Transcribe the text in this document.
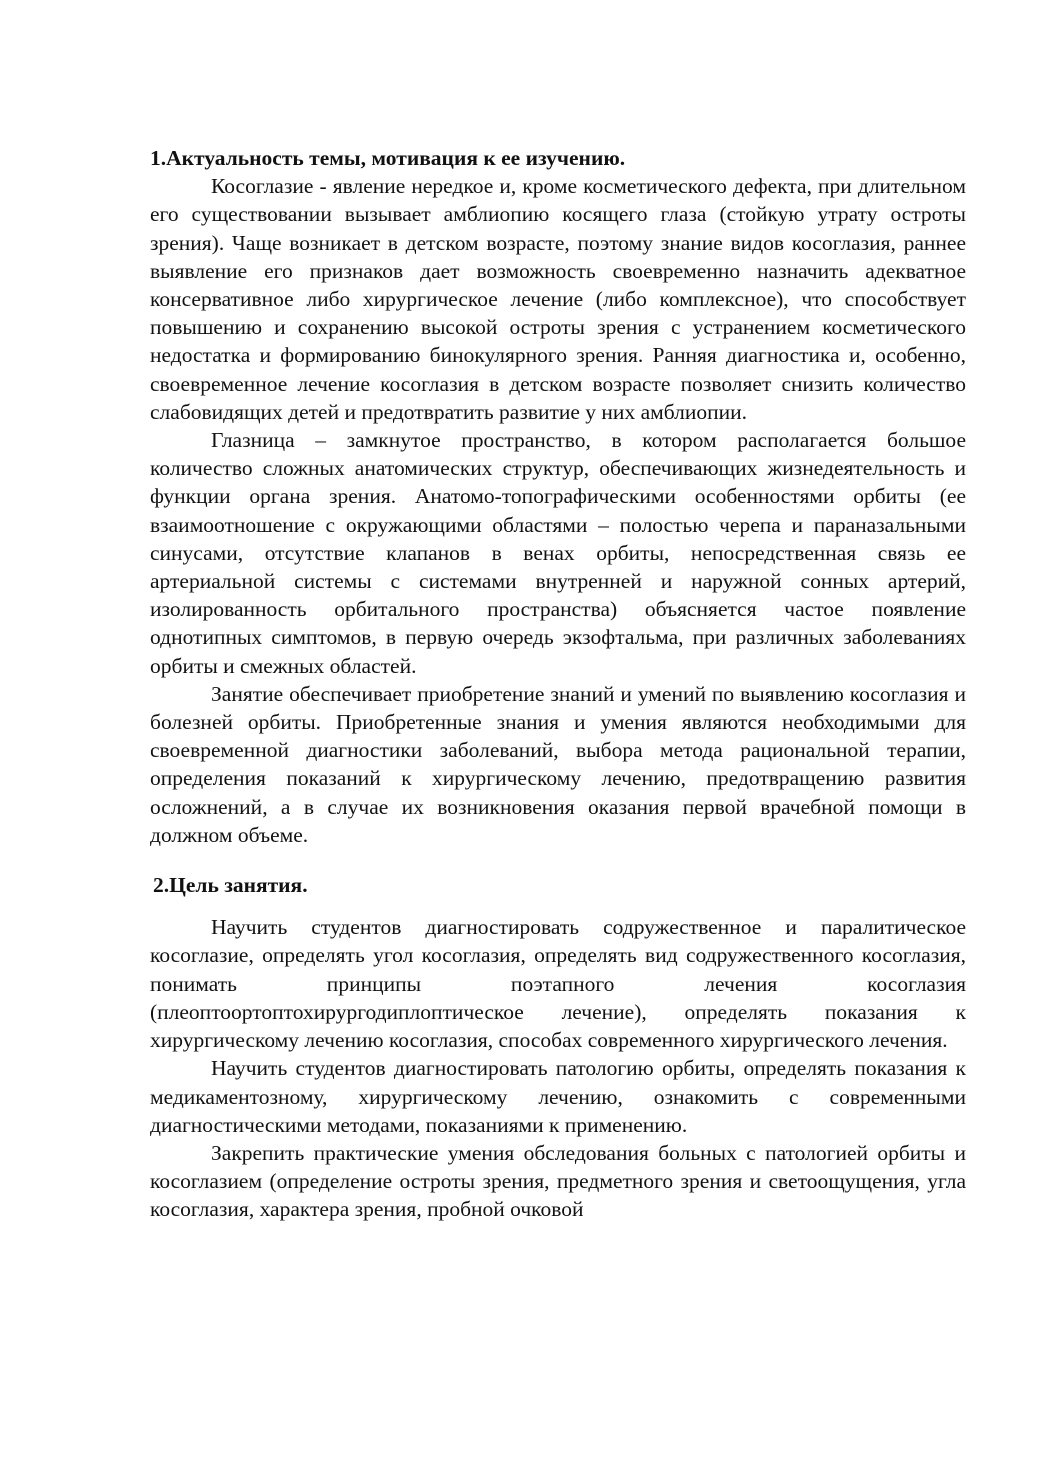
1.Актуальность темы, мотивация к ее изучению.

Косоглазие - явление нередкое и, кроме косметического дефекта, при длительном его существовании вызывает амблиопию косящего глаза (стойкую утрату остроты зрения). Чаще возникает в детском возрасте, поэтому знание видов косоглазия, раннее выявление его признаков дает возможность своевременно назначить адекватное консервативное либо хирургическое лечение (либо комплексное), что способствует повышению и сохранению высокой остроты зрения с устранением косметического недостатка и формированию бинокулярного зрения. Ранняя диагностика и, особенно, своевременное лечение косоглазия в детском возрасте позволяет снизить количество слабовидящих детей и предотвратить развитие у них амблиопии.

Глазница – замкнутое пространство, в котором располагается большое количество сложных анатомических структур, обеспечивающих жизнедеятельность и функции органа зрения. Анатомо-топографическими особенностями орбиты (ее взаимоотношение с окружающими областями – полостью черепа и параназальными синусами, отсутствие клапанов в венах орбиты, непосредственная связь ее артериальной системы с системами внутренней и наружной сонных артерий, изолированность орбитального пространства) объясняется частое появление однотипных симптомов, в первую очередь экзофтальма, при различных заболеваниях орбиты и смежных областей.

Занятие обеспечивает приобретение знаний и умений по выявлению косоглазия и болезней орбиты. Приобретенные знания и умения являются необходимыми для своевременной диагностики заболеваний, выбора метода рациональной терапии, определения показаний к хирургическому лечению, предотвращению развития осложнений, а в случае их возникновения оказания первой врачебной помощи в должном объеме.

2.Цель занятия.

Научить студентов диагностировать содружественное и паралитическое косоглазие, определять угол косоглазия, определять вид содружественного косоглазия, понимать принципы поэтапного лечения косоглазия (плеоптоортоптохирургодиплоптическое лечение), определять показания к хирургическому лечению косоглазия, способах современного хирургического лечения.

Научить студентов диагностировать патологию орбиты, определять показания к медикаментозному, хирургическому лечению, ознакомить с современными диагностическими методами, показаниями к применению.

Закрепить практические умения обследования больных с патологией орбиты и косоглазием (определение остроты зрения, предметного зрения и светоощущения, угла косоглазия, характера зрения, пробной очковой
